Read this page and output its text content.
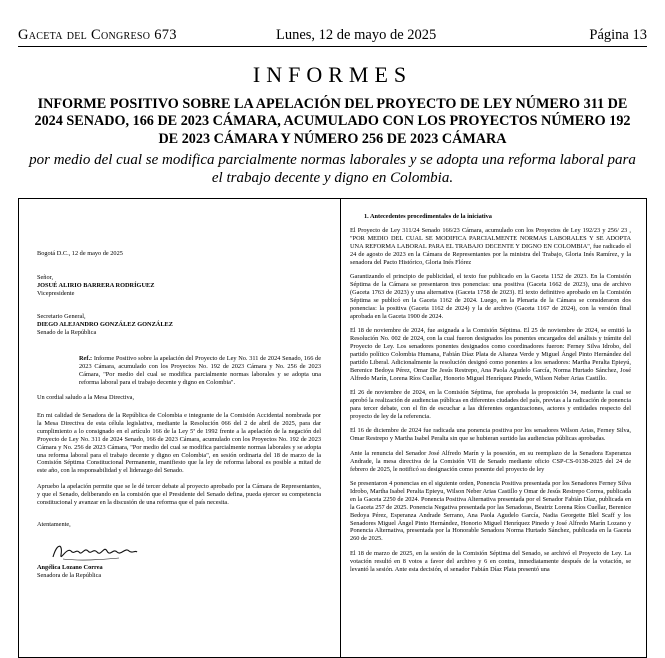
Gaceta del Congreso 673	Lunes, 12 de mayo de 2025	Página 13
INFORMES
INFORME POSITIVO SOBRE LA APELACIÓN DEL PROYECTO DE LEY NÚMERO 311 DE 2024 SENADO, 166 DE 2023 CÁMARA, ACUMULADO CON LOS PROYECTOS NÚMERO 192 DE 2023 CÁMARA Y NÚMERO 256 DE 2023 CÁMARA
por medio del cual se modifica parcialmente normas laborales y se adopta una reforma laboral para el trabajo decente y digno en Colombia.
Bogotá D.C., 12 de mayo de 2025
Señor,
JOSUÉ ALIRIO BARRERA RODRÍGUEZ
Vicepresidente
Secretario General,
DIEGO ALEJANDRO GONZÁLEZ GONZÁLEZ
Senado de la República
Ref.: Informe Positivo sobre la apelación del Proyecto de Ley No. 311 de 2024 Senado, 166 de 2023 Cámara, acumulado con los Proyectos No. 192 de 2023 Cámara y No. 256 de 2023 Cámara, "Por medio del cual se modifica parcialmente normas laborales y se adopta una reforma laboral para el trabajo decente y digno en Colombia".
Un cordial saludo a la Mesa Directiva,
En mi calidad de Senadora de la República de Colombia e integrante de la Comisión Accidental nombrada por la Mesa Directiva de esta célula legislativa, mediante la Resolución 066 del 2 de abril de 2025, para dar cumplimiento a lo consignado en el artículo 166 de la Ley 5ª de 1992 frente a la apelación de la negación del Proyecto de Ley No. 311 de 2024 Senado, 166 de 2023 Cámara, acumulado con los Proyectos No. 192 de 2023 Cámara y No. 256 de 2023 Cámara, "Por medio del cual se modifica parcialmente normas laborales y se adopta una reforma laboral para el trabajo decente y digno en Colombia", en sesión ordinaria del 18 de marzo de la Comisión Séptima Constitucional Permanente, manifiesto que la ley de reforma laboral es posible a mitad de este año, con la responsabilidad y el liderazgo del Senado.
Apruebo la apelación permite que se le dé tercer debate al proyecto aprobado por la Cámara de Representantes, y que el Senado, deliberando en la comisión que el Presidente del Senado defina, pueda ejercer su competencia constitucional y avanzar en la discusión de una reforma que el país necesita.
Atentamente,
Angélica Lozano Correa
Senadora de la República
1. Antecedentes procedimentales de la iniciativa

El Proyecto de Ley 311/24 Senado 166/23 Cámara, acumulado con los Proyectos de Ley 192/23 y 256/ 23 , "POR MEDIO DEL CUAL SE MODIFICA PARCIALMENTE NORMAS LABORALES Y SE ADOPTA UNA REFORMA LABORAL PARA EL TRABAJO DECENTE Y DIGNO EN COLOMBIA", fue radicado el 24 de agosto de 2023 en la Cámara de Representantes por la ministra del Trabajo, Gloria Inés Ramírez, y la senadora del Pacto Histórico, Gloria Inés Flórez

Garantizando el principio de publicidad, el texto fue publicado en la Gaceta 1152 de 2023. En la Comisión Séptima de la Cámara se presentaron tres ponencias: una positiva (Gaceta 1662 de 2023), una de archivo (Gaceta 1763 de 2023) y una alternativa (Gaceta 1758 de 2023). El texto definitivo aprobado en la Comisión Séptima se publicó en la Gaceta 1162 de 2024. Luego, en la Plenaria de la Cámara se consideraron dos ponencias: la positiva (Gaceta 1162 de 2024) y la de archivo (Gaceta 1167 de 2024), con la versión final aprobada en la Gaceta 1900 de 2024.

El 18 de noviembre de 2024, fue asignada a la Comisión Séptima. El 25 de noviembre de 2024, se emitió la Resolución No. 002 de 2024, con la cual fueron designados los ponentes encargados del análisis y trámite del Proyecto de Ley. Los senadores ponentes designados como coordinadores fueron: Ferney Silva Idrobo, del partido político Colombia Humana, Fabián Díaz Plata de Alianza Verde y Miguel Ángel Pinto Hernández del partido Liberal. Adicionalmente la resolución designó como ponentes a los senadores: Martha Peralta Epieyú, Berenice Bedoya Pérez, Omar De Jesús Restrepo, Ana Paola Agudelo García, Norma Hurtado Sánchez, José Alfredo Marín, Lorena Ríos Cuellar, Honorio Miguel Henríquez Pinedo, Wilson Neber Arias Castillo.

El 26 de noviembre de 2024, en la Comisión Séptima, fue aprobada la proposición 34, mediante la cual se aprobó la realización de audiencias públicas en diferentes ciudades del país, previas a la radicación de ponencia para tercer debate, con el fin de escuchar a las diferentes organizaciones, actores y entidades respecto del proyecto de ley de la referencia.

El 16 de diciembre de 2024 fue radicada una ponencia positiva por los senadores Wilson Arias, Ferney Silva, Omar Restrepo y Martha Isabel Peralta sin que se hubieran surtido las audiencias públicas aprobadas.

Ante la renuncia del Senador José Alfredo Marín y la posesión, en su reemplazo de la Senadora Esperanza Andrade, la mesa directiva de la Comisión VII de Senado mediante oficio CSP-CS-0138-2025 del 24 de febrero de 2025, le notificó su designación como ponente del proyecto de ley

Se presentaron 4 ponencias en el siguiente orden, Ponencia Positiva presentada por los Senadores Ferney Silva Idrobo, Martha Isabel Peralta Epieyu, Wilson Neber Arias Castillo y Omar de Jesús Restrepo Correa, publicada en la Gaceta 2250 de 2024. Ponencia Positiva Alternativa presentada por el Senador Fabián Díaz, publicada en la Gaceta 257 de 2025. Ponencia Negativa presentada por las Senadoras, Beatriz Lorena Ríos Cuellar, Berenice Bedoya Pérez, Esperanza Andrade Serrano, Ana Paola Agudelo García, Nadia Georgette Blel Scaff y los Senadores Miguel Ángel Pinto Hernández, Honorio Miguel Henríquez Pinedo y José Alfredo Marín Lozano y Ponencia Alternativa, presentada por la Honorable Senadora Norma Hurtado Sánchez, publicada en la Gaceta 260 de 2025.

El 18 de marzo de 2025, en la sesión de la Comisión Séptima del Senado, se archivó el Proyecto de Ley. La votación resultó en 8 votos a favor del archivo y 6 en contra, inmediatamente después de la votación, se levantó la sesión. Ante esta decisión, el senador Fabián Díaz Plata presentó una
